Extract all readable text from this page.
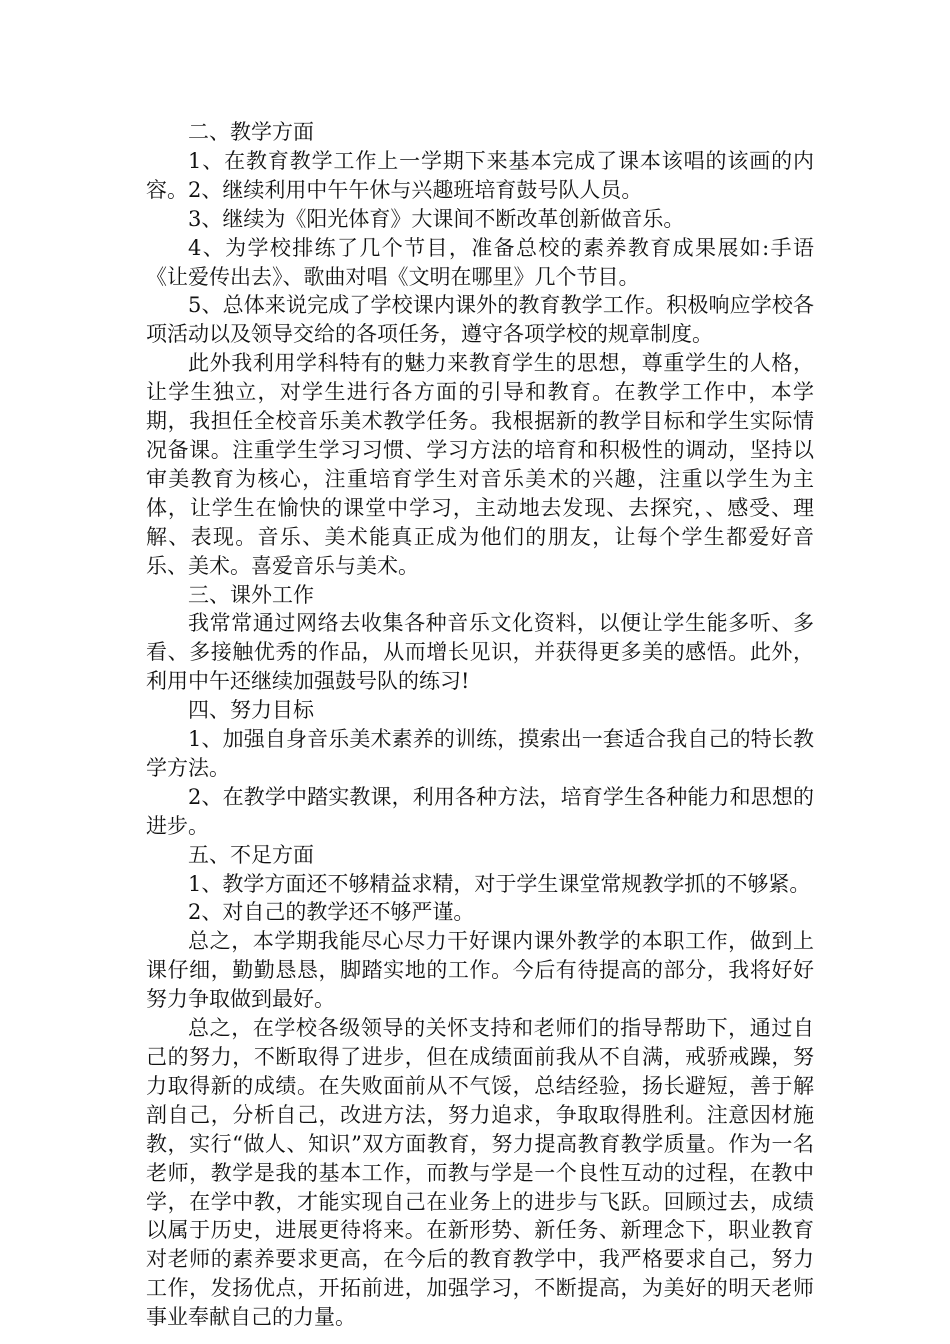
二、教学方面

1、在教育教学工作上一学期下来基本完成了课本该唱的该画的内容。2、继续利用中午午休与兴趣班培育鼓号队人员。

3、继续为《阳光体育》大课间不断改革创新做音乐。

4、为学校排练了几个节目，准备总校的素养教育成果展如:手语《让爱传出去》、歌曲对唱《文明在哪里》几个节目。

5、总体来说完成了学校课内课外的教育教学工作。积极响应学校各项活动以及领导交给的各项任务，遵守各项学校的规章制度。

此外我利用学科特有的魅力来教育学生的思想，尊重学生的人格，让学生独立，对学生进行各方面的引导和教育。在教学工作中，本学期，我担任全校音乐美术教学任务。我根据新的教学目标和学生实际情况备课。注重学生学习习惯、学习方法的培育和积极性的调动，坚持以审美教育为核心，注重培育学生对音乐美术的兴趣，注重以学生为主体，让学生在愉快的课堂中学习，主动地去发现、去探究，、感受、理解、表现。音乐、美术能真正成为他们的朋友，让每个学生都爱好音乐、美术。喜爱音乐与美术。

三、课外工作

我常常通过网络去收集各种音乐文化资料，以便让学生能多听、多看、多接触优秀的作品，从而增长见识，并获得更多美的感悟。此外，利用中午还继续加强鼓号队的练习!

四、努力目标

1、加强自身音乐美术素养的训练，摸索出一套适合我自己的特长教学方法。

2、在教学中踏实教课，利用各种方法，培育学生各种能力和思想的进步。

五、不足方面

1、教学方面还不够精益求精，对于学生课堂常规教学抓的不够紧。

2、对自己的教学还不够严谨。

总之，本学期我能尽心尽力干好课内课外教学的本职工作，做到上课仔细，勤勤恳恳，脚踏实地的工作。今后有待提高的部分，我将好好努力争取做到最好。

总之，在学校各级领导的关怀支持和老师们的指导帮助下，通过自己的努力，不断取得了进步，但在成绩面前我从不自满，戒骄戒躁，努力取得新的成绩。在失败面前从不气馁，总结经验，扬长避短，善于解剖自己，分析自己，改进方法，努力追求，争取取得胜利。注意因材施教，实行“做人、知识”双方面教育，努力提高教育教学质量。作为一名老师，教学是我的基本工作，而教与学是一个良性互动的过程，在教中学，在学中教，才能实现自己在业务上的进步与飞跃。回顾过去，成绩以属于历史，进展更待将来。在新形势、新任务、新理念下，职业教育对老师的素养要求更高，在今后的教育教学中，我严格要求自己，努力工作，发扬优点，开拓前进，加强学习，不断提高，为美好的明天老师事业奉献自己的力量。
